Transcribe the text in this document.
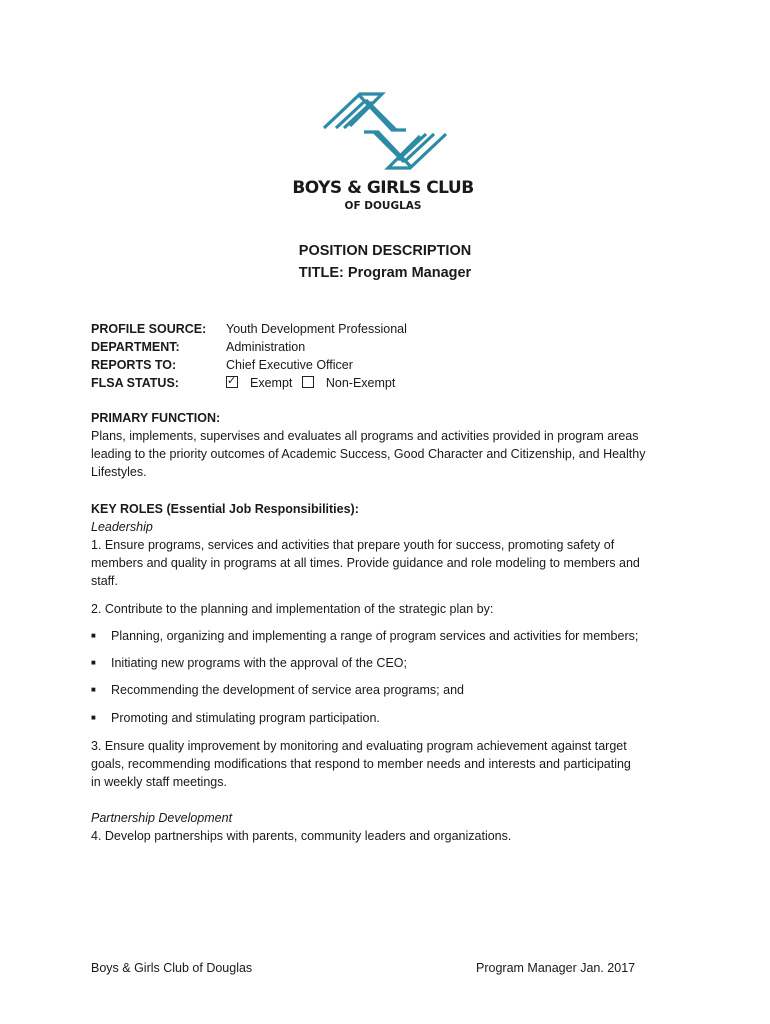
BOYS & GIRLS CLUB
OF DOUGLAS
POSITION DESCRIPTION
TITLE: Program Manager
PROFILE SOURCE:	Youth Development Professional
DEPARTMENT:	Administration
REPORTS TO:	Chief Executive Officer
FLSA STATUS:
✓	Exempt	Non-Exempt
PRIMARY FUNCTION:
Plans, implements, supervises and evaluates all programs and activities provided in program areas
leading to the priority outcomes of Academic Success, Good Character and Citizenship, and Healthy
Lifestyles.
KEY ROLES (Essential Job Responsibilities):
Leadership
1. Ensure programs, services and activities that prepare youth for success, promoting safety of
members and quality in programs at all times. Provide guidance and role modeling to members and
staff.
2. Contribute to the planning and implementation of the strategic plan by:
■	Planning, organizing and implementing a range of program services and activities for members;
■	Initiating new programs with the approval of the CEO;
■	Recommending the development of service area programs; and
■	Promoting and stimulating program participation.
3. Ensure quality improvement by monitoring and evaluating program achievement against target
goals, recommending modifications that respond to member needs and interests and participating
in weekly staff meetings.
Partnership Development
4. Develop partnerships with parents, community leaders and organizations.
Boys & Girls Club of Douglas	Program Manager Jan. 2017
